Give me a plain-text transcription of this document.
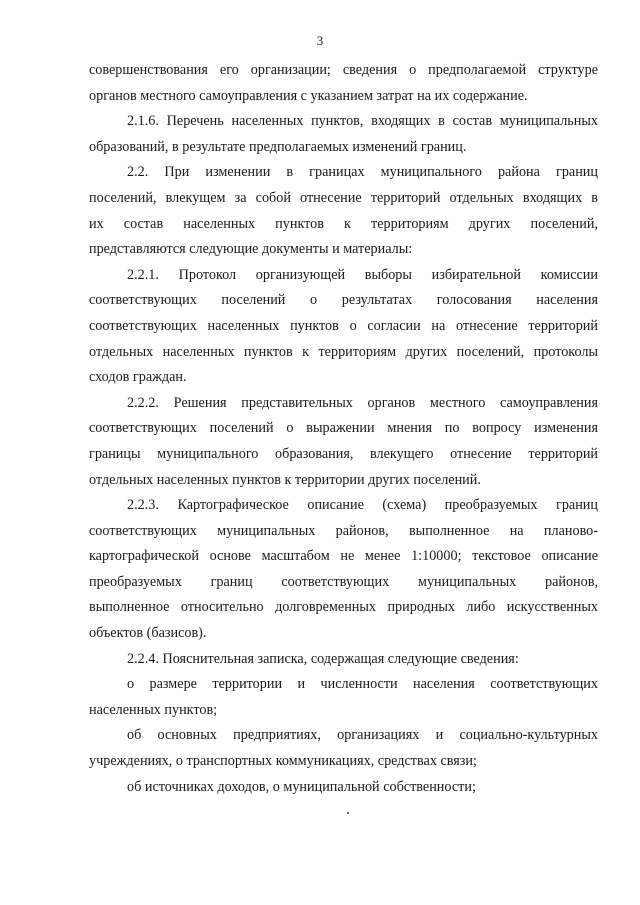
3
совершенствования его организации; сведения о предполагаемой структуре
органов местного самоуправления с указанием затрат на их содержание.
2.1.6. Перечень населенных пунктов, входящих в состав муниципальных
образований, в результате предполагаемых изменений границ.
2.2. При изменении в границах муниципального района границ
поселений, влекущем за собой отнесение территорий отдельных входящих в
их состав населенных пунктов к территориям других поселений,
представляются следующие документы и материалы:
2.2.1. Протокол организующей выборы избирательной комиссии
соответствующих поселений о результатах голосования населения
соответствующих населенных пунктов о согласии на отнесение территорий
отдельных населенных пунктов к территориям других поселений, протоколы
сходов граждан.
2.2.2. Решения представительных органов местного самоуправления
соответствующих поселений о выражении мнения по вопросу изменения
границы муниципального образования, влекущего отнесение территорий
отдельных населенных пунктов к территории других поселений.
2.2.3. Картографическое описание (схема) преобразуемых границ
соответствующих муниципальных районов, выполненное на планово-
картографической основе масштабом не менее 1:10000; текстовое описание
преобразуемых границ соответствующих муниципальных районов,
выполненное относительно долговременных природных либо искусственных
объектов (базисов).
2.2.4. Пояснительная записка, содержащая следующие сведения:
о размере территории и численности населения соответствующих
населенных пунктов;
об основных предприятиях, организациях и социально-культурных
учреждениях, о транспортных коммуникациях, средствах связи;
об источниках доходов, о муниципальной собственности;
